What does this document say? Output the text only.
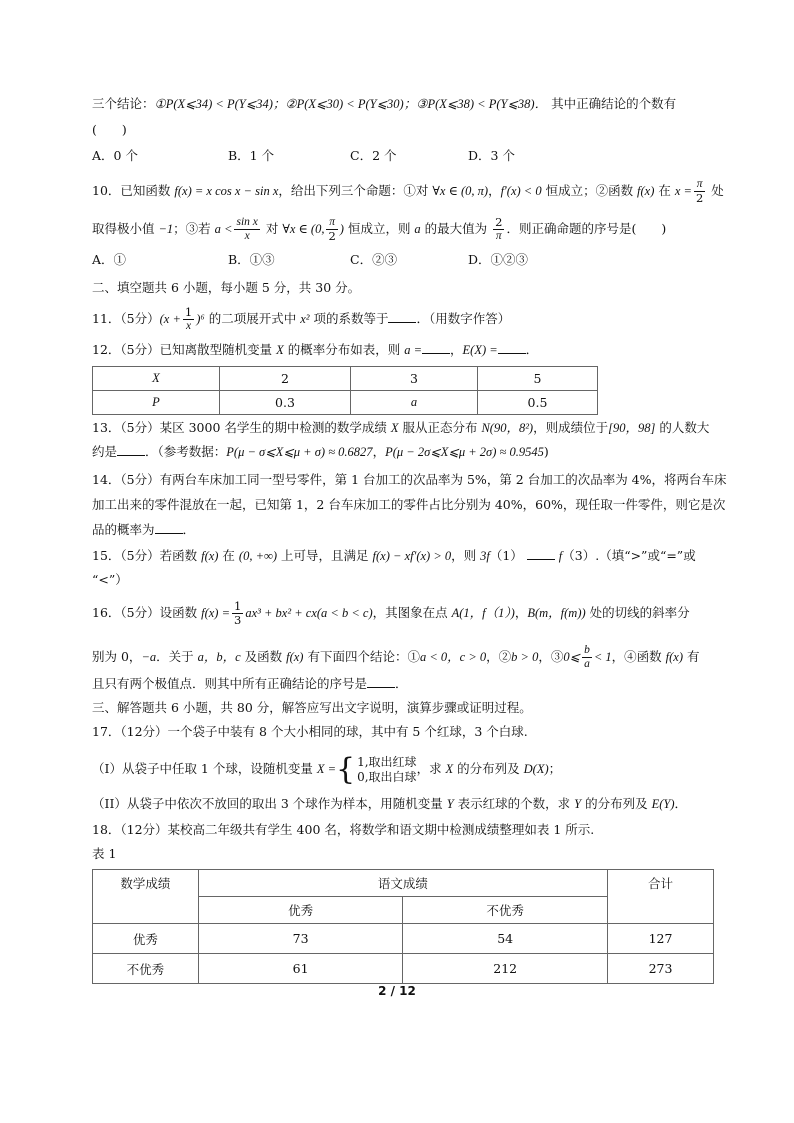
三个结论：①P(X⩽34) < P(Y⩽34)；②P(X⩽30) < P(Y⩽30)；③P(X⩽38) < P(Y⩽38)． 其中正确结论的个数有
(　　)
A．0 个	B．1 个	C．2 个	D．3 个
10．已知函数 f(x) = x cos x − sin x，给出下列三个命题：①对 ∀x ∈ (0, π)，f′(x) < 0 恒成立；②函数 f(x) 在 $x = \frac{\pi}{2}$ 处
取得极小值 −1；③若 $a < \frac{\text{sin x}}{x}$ 对 ∀x ∈ (0, $\frac{\pi}{2}$ ) 恒成立，则 a 的最大值为 $\frac{2}{\pi}$ ．则正确命题的序号是(　　)
A．①	B．①③	C．②③	D．①②③
二、填空题共 6 小题，每小题 5 分，共 30 分。
11．（5分）$(x + \frac{1}{x} )^6$ 的二项展开式中 x² 项的系数等于 ．（用数字作答）
12．（5分）已知离散型随机变量 X 的概率分布如表，则 a = ，E(X) = ．
X	2	3	5
P	0.3	a	0.5
13．（5分）某区 3000 名学生的期中检测的数学成绩 X 服从正态分布 N(90，8²)，则成绩位于[90，98] 的人数大
约是 ．（参考数据：P(μ − σ⩽X⩽μ + σ) ≈ 0.6827，P(μ − 2σ⩽X⩽μ + 2σ) ≈ 0.9545)
14．（5分）有两台车床加工同一型号零件，第 1 台加工的次品率为 5%，第 2 台加工的次品率为 4%，将两台车床
加工出来的零件混放在一起，已知第 1，2 台车床加工的零件占比分别为 40%，60%，现任取一件零件，则它是次
品的概率为 ．
15．（5分）若函数 f(x) 在 (0, +∞) 上可导，且满足 f(x) − xf′(x) > 0，则 3f（1）	f（3）.（填“>”或“=”或
“<”）
16．（5分）设函数 $f(x) = \frac{1}{3} ax^3 + bx^2 + cx(a < b < c)$，其图象在点 A(1，f（1）)，B(m，f(m)) 处的切线的斜率分
别为 0，−a．关于 a，b，c 及函数 f(x) 有下面四个结论：①a < 0，c > 0，②b > 0，③0⩽ $\frac{b}{a} < 1$，④函数 f(x) 有
且只有两个极值点．则其中所有正确结论的序号是 ．
三、解答题共 6 小题，共 80 分，解答应写出文字说明，演算步骤或证明过程。
17．（12分）一个袋子中装有 8 个大小相同的球，其中有 5 个红球，3 个白球.
（I）从袋子中任取 1 个球，设随机变量 X ={ 1,取出红球
0,取出白球
，求 X 的分布列及 D(X)；
（II）从袋子中依次不放回的取出 3 个球作为样本，用随机变量 Y 表示红球的个数，求 Y 的分布列及 E(Y)．
18．（12分）某校高二年级共有学生 400 名，将数学和语文期中检测成绩整理如表 1 所示.
表 1
数学成绩	语文成绩		合计
	优秀	不优秀	
优秀	73	54	127
不优秀	61	212	273
2 / 12
